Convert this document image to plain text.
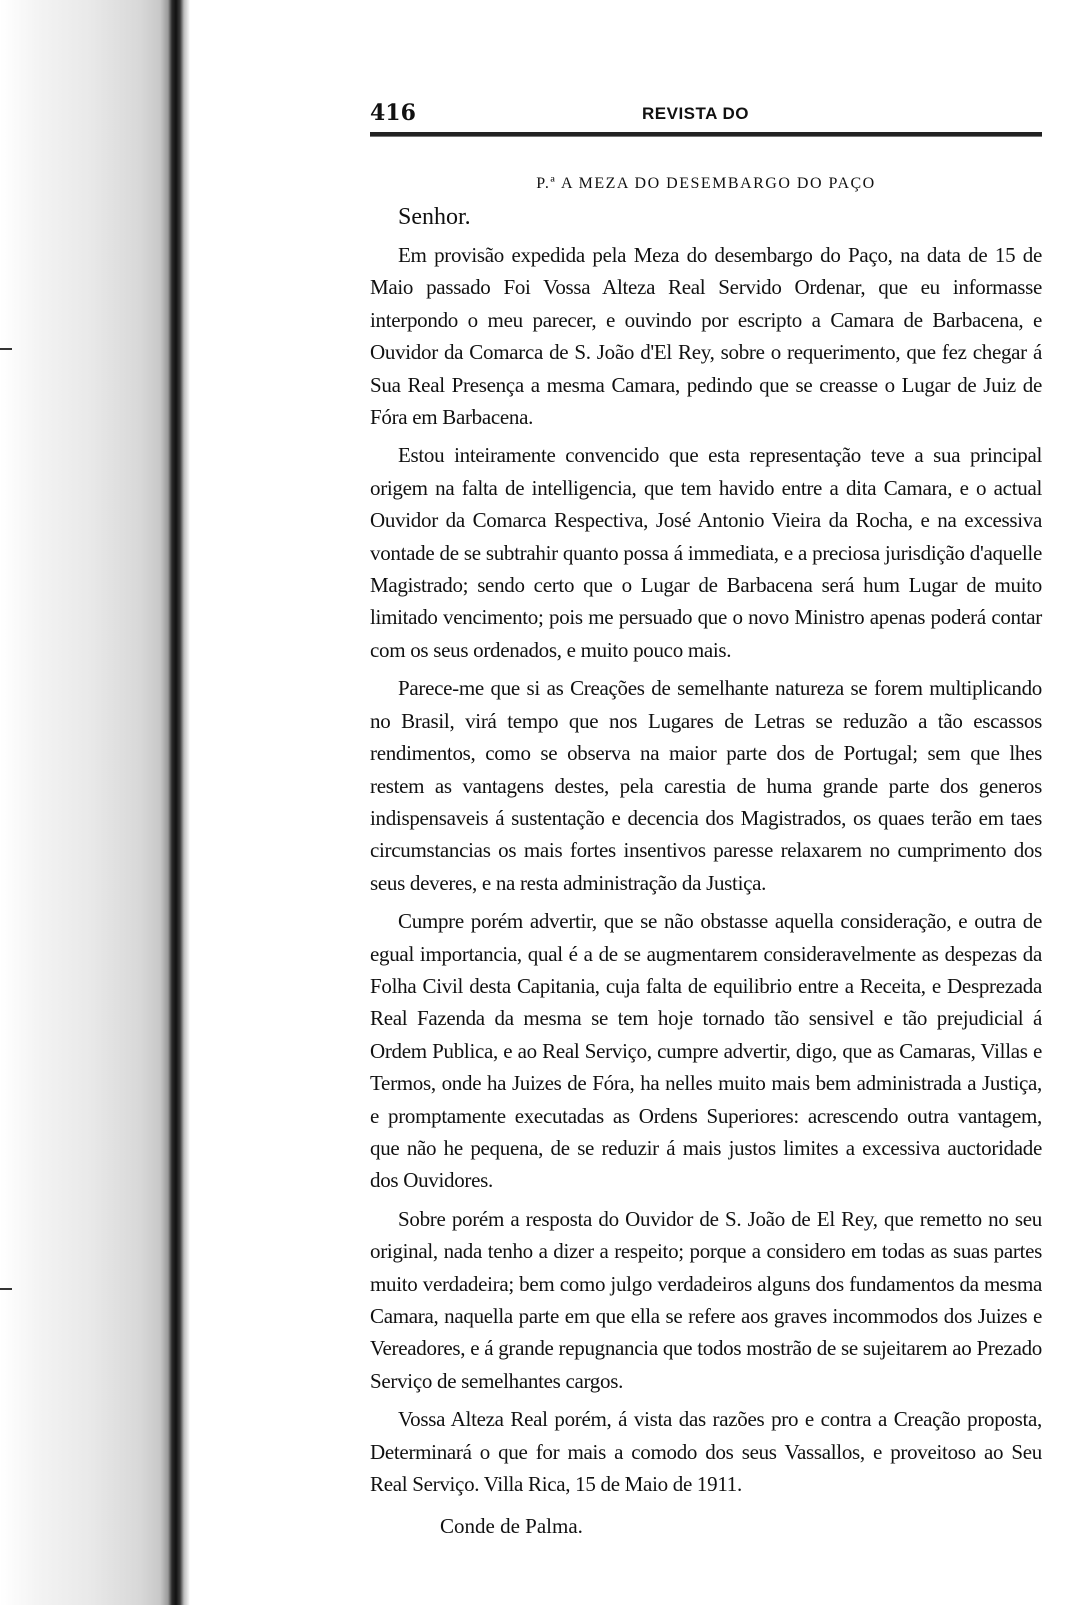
416	REVISTA DO
P.ª A MEZA DO DESEMBARGO DO PAÇO
Senhor.

Em provisão expedida pela Meza do desembargo do Paço, na data de 15 de Maio passado Foi Vossa Alteza Real Servido Ordenar, que eu informasse interpondo o meu parecer, e ouvindo por escripto a Camara de Barbacena, e Ouvidor da Comarca de S. João d'El Rey, sobre o requerimento, que fez chegar á Sua Real Presença a mesma Camara, pedindo que se creasse o Lugar de Juiz de Fóra em Barbacena.

Estou inteiramente convencido que esta representação teve a sua principal origem na falta de intelligencia, que tem havido entre a dita Camara, e o actual Ouvidor da Comarca Respectiva, José Antonio Vieira da Rocha, e na excessiva vontade de se subtrahir quanto possa á immediata, e a preciosa jurisdição d'aquelle Magistrado; sendo certo que o Lugar de Barbacena será hum Lugar de muito limitado vencimento; pois me persuado que o novo Ministro apenas poderá contar com os seus ordenados, e muito pouco mais.

Parece-me que si as Creações de semelhante natureza se forem multiplicando no Brasil, virá tempo que nos Lugares de Letras se reduzão a tão escassos rendimentos, como se observa na maior parte dos de Portugal; sem que lhes restem as vantagens destes, pela carestia de huma grande parte dos generos indispensaveis á sustentação e decencia dos Magistrados, os quaes terão em taes circumstancias os mais fortes insentivos paresse relaxarem no cumprimento dos seus deveres, e na resta administração da Justiça.

Cumpre porém advertir, que se não obstasse aquella consideração, e outra de egual importancia, qual é a de se augmentarem consideravelmente as despezas da Folha Civil desta Capitania, cuja falta de equilibrio entre a Receita, e Desprezada Real Fazenda da mesma se tem hoje tornado tão sensivel e tão prejudicial á Ordem Publica, e ao Real Serviço, cumpre advertir, digo, que as Camaras, Villas e Termos, onde ha Juizes de Fóra, ha nelles muito mais bem administrada a Justiça, e promptamente executadas as Ordens Superiores: acrescendo outra vantagem, que não he pequena, de se reduzir á mais justos limites a excessiva auctoridade dos Ouvidores.

Sobre porém a resposta do Ouvidor de S. João de El Rey, que remetto no seu original, nada tenho a dizer a respeito; porque a considero em todas as suas partes muito verdadeira; bem como julgo verdadeiros alguns dos fundamentos da mesma Camara, naquella parte em que ella se refere aos graves incommodos dos Juizes e Vereadores, e á grande repugnancia que todos mostrão de se sujeitarem ao Prezado Serviço de semelhantes cargos.

Vossa Alteza Real porém, á vista das razões pro e contra a Creação proposta, Determinará o que for mais a comodo dos seus Vassallos, e proveitoso ao Seu Real Serviço. Villa Rica, 15 de Maio de 1911.

Conde de Palma.
